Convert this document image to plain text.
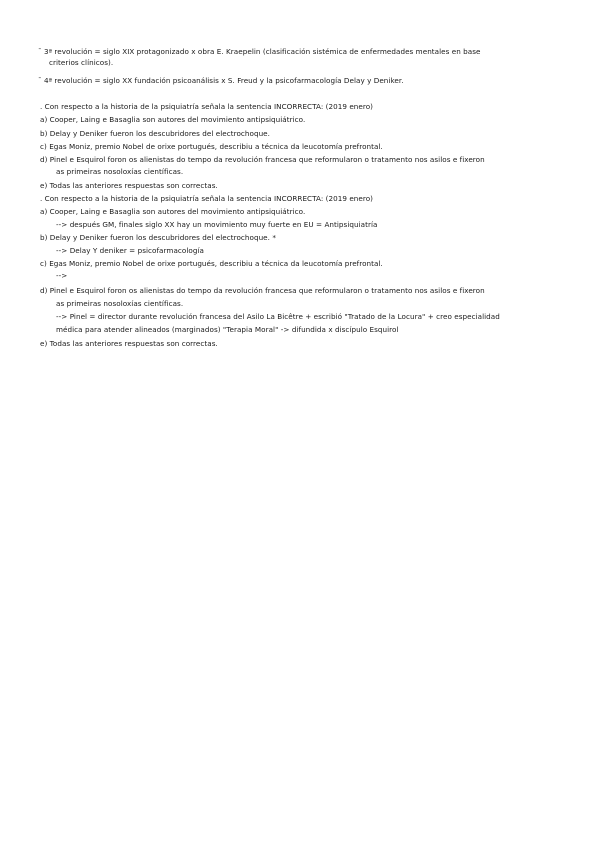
¯ 3ª revolución = siglo XIX protagonizado x obra E. Kraepelin (clasificación sistémica de enfermedades mentales en base
criterios clínicos).
¯ 4ª revolución = siglo XX fundación psicoanálisis x S. Freud y la psicofarmacología Delay y Deniker.
. Con respecto a la historia de la psiquiatría señala la sentencia INCORRECTA: (2019 enero)
a) Cooper, Laing e Basaglia son autores del movimiento antipsiquiátrico.
b) Delay y Deniker fueron los descubridores del electrochoque.
c) Egas Moniz, premio Nobel de orixe portugués, describiu a técnica da leucotomía prefrontal.
d) Pinel e Esquirol foron os alienistas do tempo da revolución francesa que reformularon o tratamento nos asilos e fixeron
as primeiras nosoloxías científicas.
e) Todas las anteriores respuestas son correctas.
. Con respecto a la historia de la psiquiatría señala la sentencia INCORRECTA: (2019 enero)
a) Cooper, Laing e Basaglia son autores del movimiento antipsiquiátrico.
--> después GM, finales siglo XX hay un movimiento muy fuerte en EU = Antipsiquiatría
b) Delay y Deniker fueron los descubridores del electrochoque. *
--> Delay Y deniker = psicofarmacología
c) Egas Moniz, premio Nobel de orixe portugués, describiu a técnica da leucotomía prefrontal.
-->
d) Pinel e Esquirol foron os alienistas do tempo da revolución francesa que reformularon o tratamento nos asilos e fixeron
as primeiras nosoloxías científicas.
--> Pinel = director durante revolución francesa del Asilo La Bicêtre + escribió "Tratado de la Locura" + creo especialidad
médica para atender alineados (marginados) "Terapia Moral" -> difundida x discípulo Esquirol
e) Todas las anteriores respuestas son correctas.
